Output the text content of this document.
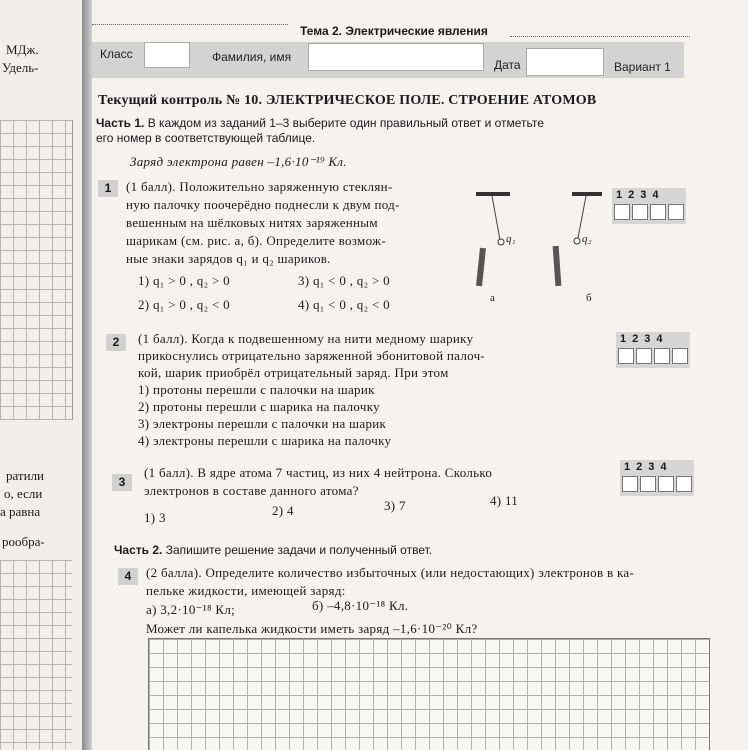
МДж.
Удель-
ратили
о, если
а равна
рообра-
Тема 2. Электрические явления
Класс	Фамилия, имя
Дата	Вариант 1
Текущий контроль № 10. ЭЛЕКТРИЧЕСКОЕ ПОЛЕ. СТРОЕНИЕ АТОМОВ
Часть 1. В каждом из заданий 1–3 выберите один правильный ответ и отметьте
его номер в соответствующей таблице.
Заряд электрона равен –1,6·10⁻¹⁹ Кл.
1	(1 балл). Положительно заряженную стеклян-
ную палочку поочерёдно поднесли к двум под-
вешенным на шёлковых нитях заряженным
шарикам (см. рис. а, б). Определите возмож-
ные знаки зарядов q₁ и q₂ шариков.
1) q₁ > 0 , q₂ > 0	3) q₁ < 0 , q₂ > 0
2) q₁ > 0 , q₂ < 0	4) q₁ < 0 , q₂ < 0
q₁	q₂
а	б
1234
2	(1 балл). Когда к подвешенному на нити медному шарику
прикоснулись отрицательно заряженной эбонитовой палоч-
кой, шарик приобрёл отрицательный заряд. При этом
1) протоны перешли с палочки на шарик
2) протоны перешли с шарика на палочку
3) электроны перешли с палочки на шарик
4) электроны перешли с шарика на палочку
1234
3
(1 балл). В ядре атома 7 частиц, из них 4 нейтрона. Сколько
электронов в составе данного атома?
1) 3	2) 4	3) 7	4) 11
1234
Часть 2. Запишите решение задачи и полученный ответ.
4	(2 балла). Определите количество избыточных (или недостающих) электронов в ка-
пельке жидкости, имеющей заряд:
а) 3,2·10⁻¹⁸ Кл;	б) –4,8·10⁻¹⁸ Кл.
Может ли капелька жидкости иметь заряд –1,6·10⁻²⁰ Кл?
